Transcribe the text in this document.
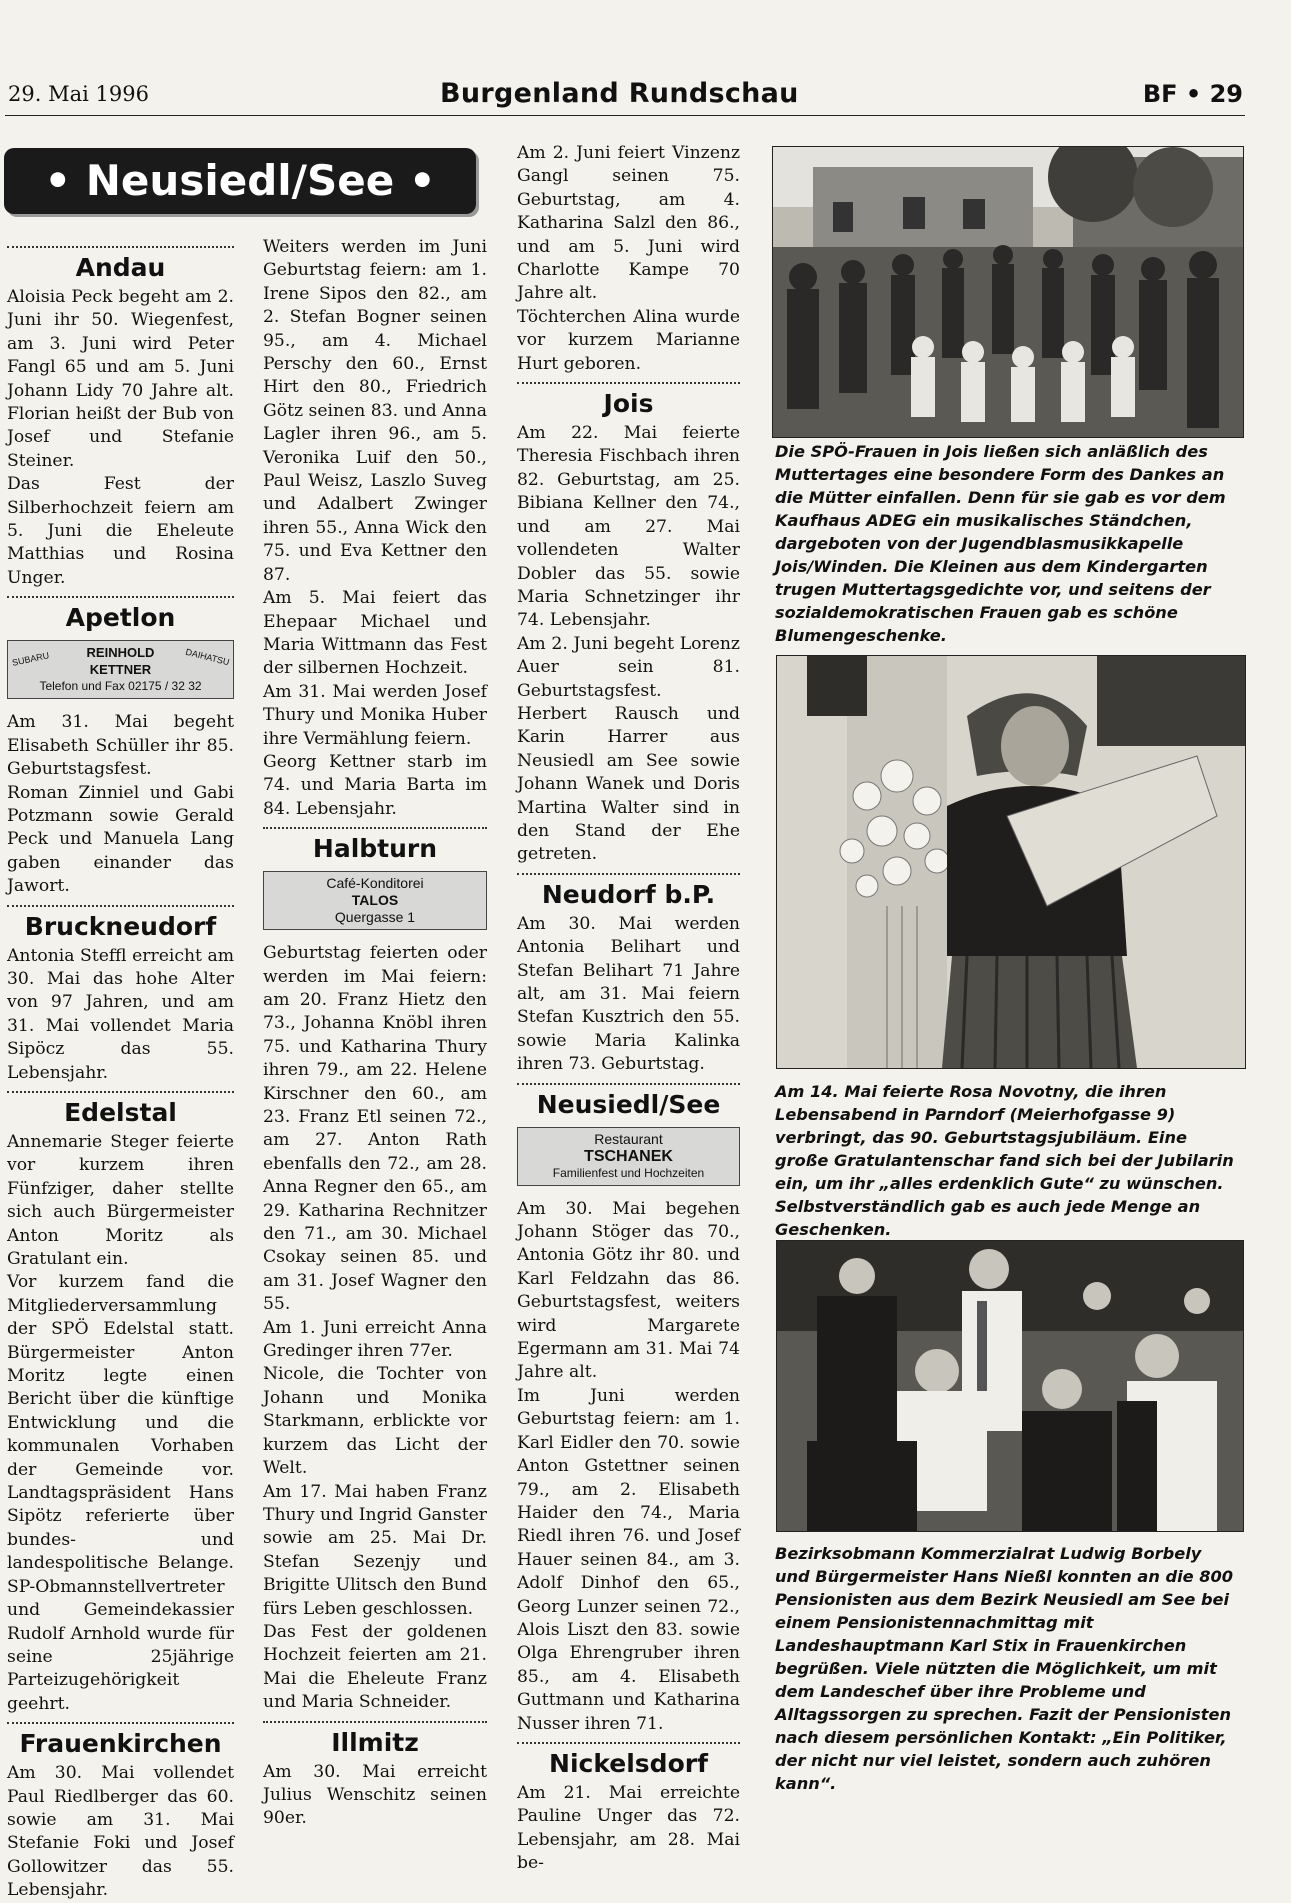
29. Mai 1996	Burgenland Rundschau	BF • 29
• Neusiedl/See •
Andau

Aloisia Peck begeht am 2. Juni ihr 50. Wiegenfest, am 3. Juni wird Peter Fangl 65 und am 5. Juni Johann Lidy 70 Jahre alt. Florian heißt der Bub von Josef und Stefanie Steiner.

Das Fest der Silberhochzeit feiern am 5. Juni die Eheleute Matthias und Rosina Unger.

Apetlon
SUBARU	DAIHATSU
REINHOLD
KETTNER
Telefon und Fax 02175 / 32 32

Am 31. Mai begeht Elisabeth Schüller ihr 85. Geburtstagsfest.

Roman Zinniel und Gabi Potzmann sowie Gerald Peck und Manuela Lang gaben einander das Jawort.

Bruckneudorf

Antonia Steffl erreicht am 30. Mai das hohe Alter von 97 Jahren, und am 31. Mai vollendet Maria Sipöcz das 55. Lebensjahr.

Edelstal

Annemarie Steger feierte vor kurzem ihren Fünfziger, daher stellte sich auch Bürgermeister Anton Moritz als Gratulant ein.

Vor kurzem fand die Mitgliederversammlung der SPÖ Edelstal statt. Bürgermeister Anton Moritz legte einen Bericht über die künftige Entwicklung und die kommunalen Vorhaben der Gemeinde vor. Landtagspräsident Hans Sipötz referierte über bundes- und landespolitische Belange. SP-Obmannstellvertreter und Gemeindekassier Rudolf Arnhold wurde für seine 25jährige Parteizugehörigkeit geehrt.

Frauenkirchen

Am 30. Mai vollendet Paul Riedlberger das 60. sowie am 31. Mai Stefanie Foki und Josef Gollowitzer das 55. Lebensjahr.

Weiters werden im Juni Geburtstag feiern: am 1. Irene Sipos den 82., am 2. Stefan Bogner seinen 95., am 4. Michael Perschy den 60., Ernst Hirt den 80., Friedrich Götz seinen 83. und Anna Lagler ihren 96., am 5. Veronika Luif den 50., Paul Weisz, Laszlo Suveg und Adalbert Zwinger ihren 55., Anna Wick den 75. und Eva Kettner den 87.

Am 5. Mai feiert das Ehepaar Michael und Maria Wittmann das Fest der silbernen Hochzeit.

Am 31. Mai werden Josef Thury und Monika Huber ihre Vermählung feiern.

Georg Kettner starb im 74. und Maria Barta im 84. Lebensjahr.

Halbturn
Café-Konditorei
TALOS
Quergasse 1

Geburtstag feierten oder werden im Mai feiern: am 20. Franz Hietz den 73., Johanna Knöbl ihren 75. und Katharina Thury ihren 79., am 22. Helene Kirschner den 60., am 23. Franz Etl seinen 72., am 27. Anton Rath ebenfalls den 72., am 28. Anna Regner den 65., am 29. Katharina Rechnitzer den 71., am 30. Michael Csokay seinen 85. und am 31. Josef Wagner den 55.

Am 1. Juni erreicht Anna Gredinger ihren 77er.

Nicole, die Tochter von Johann und Monika Starkmann, erblickte vor kurzem das Licht der Welt.

Am 17. Mai haben Franz Thury und Ingrid Ganster sowie am 25. Mai Dr. Stefan Sezenjy und Brigitte Ulitsch den Bund fürs Leben geschlossen.

Das Fest der goldenen Hochzeit feierten am 21. Mai die Eheleute Franz und Maria Schneider.

Illmitz

Am 30. Mai erreicht Julius Wenschitz seinen 90er.

Am 2. Juni feiert Vinzenz Gangl seinen 75. Geburtstag, am 4. Katharina Salzl den 86., und am 5. Juni wird Charlotte Kampe 70 Jahre alt.

Töchterchen Alina wurde vor kurzem Marianne Hurt geboren.

Jois

Am 22. Mai feierte Theresia Fischbach ihren 82. Geburtstag, am 25. Bibiana Kellner den 74., und am 27. Mai vollendeten Walter Dobler das 55. sowie Maria Schnetzinger ihr 74. Lebensjahr.

Am 2. Juni begeht Lorenz Auer sein 81. Geburtstagsfest.

Herbert Rausch und Karin Harrer aus Neusiedl am See sowie Johann Wanek und Doris Martina Walter sind in den Stand der Ehe getreten.

Neudorf b.P.

Am 30. Mai werden Antonia Belihart und Stefan Belihart 71 Jahre alt, am 31. Mai feiern Stefan Kusztrich den 55. sowie Maria Kalinka ihren 73. Geburtstag.

Neusiedl/See
Restaurant
TSCHANEK
Familienfest und Hochzeiten

Am 30. Mai begehen Johann Stöger das 70., Antonia Götz ihr 80. und Karl Feldzahn das 86. Geburtstagsfest, weiters wird Margarete Egermann am 31. Mai 74 Jahre alt.

Im Juni werden Geburtstag feiern: am 1. Karl Eidler den 70. sowie Anton Gstettner seinen 79., am 2. Elisabeth Haider den 74., Maria Riedl ihren 76. und Josef Hauer seinen 84., am 3. Adolf Dinhof den 65., Georg Lunzer seinen 72., Alois Liszt den 83. sowie Olga Ehrengruber ihren 85., am 4. Elisabeth Guttmann und Katharina Nusser ihren 71.

Nickelsdorf

Am 21. Mai erreichte Pauline Unger das 72. Lebensjahr, am 28. Mai be-

Die SPÖ-Frauen in Jois ließen sich anläßlich des Muttertages eine besondere Form des Dankes an die Mütter einfallen. Denn für sie gab es vor dem Kaufhaus ADEG ein musikalisches Ständchen, dargeboten von der Jugendblasmusikkapelle Jois/Winden. Die Kleinen aus dem Kindergarten trugen Muttertagsgedichte vor, und seitens der sozialdemokratischen Frauen gab es schöne Blumengeschenke.
Am 14. Mai feierte Rosa Novotny, die ihren Lebensabend in Parndorf (Meierhofgasse 9) verbringt, das 90. Geburtstagsjubiläum. Eine große Gratulantenschar fand sich bei der Jubilarin ein, um ihr „alles erdenklich Gute“ zu wünschen. Selbstverständlich gab es auch jede Menge an Geschenken.
Bezirksobmann Kommerzialrat Ludwig Borbely und Bürgermeister Hans Nießl konnten an die 800 Pensionisten aus dem Bezirk Neusiedl am See bei einem Pensionistennachmittag mit Landeshauptmann Karl Stix in Frauenkirchen begrüßen. Viele nützten die Möglichkeit, um mit dem Landeschef über ihre Probleme und Alltagssorgen zu sprechen. Fazit der Pensionisten nach diesem persönlichen Kontakt: „Ein Politiker, der nicht nur viel leistet, sondern auch zuhören kann“.
